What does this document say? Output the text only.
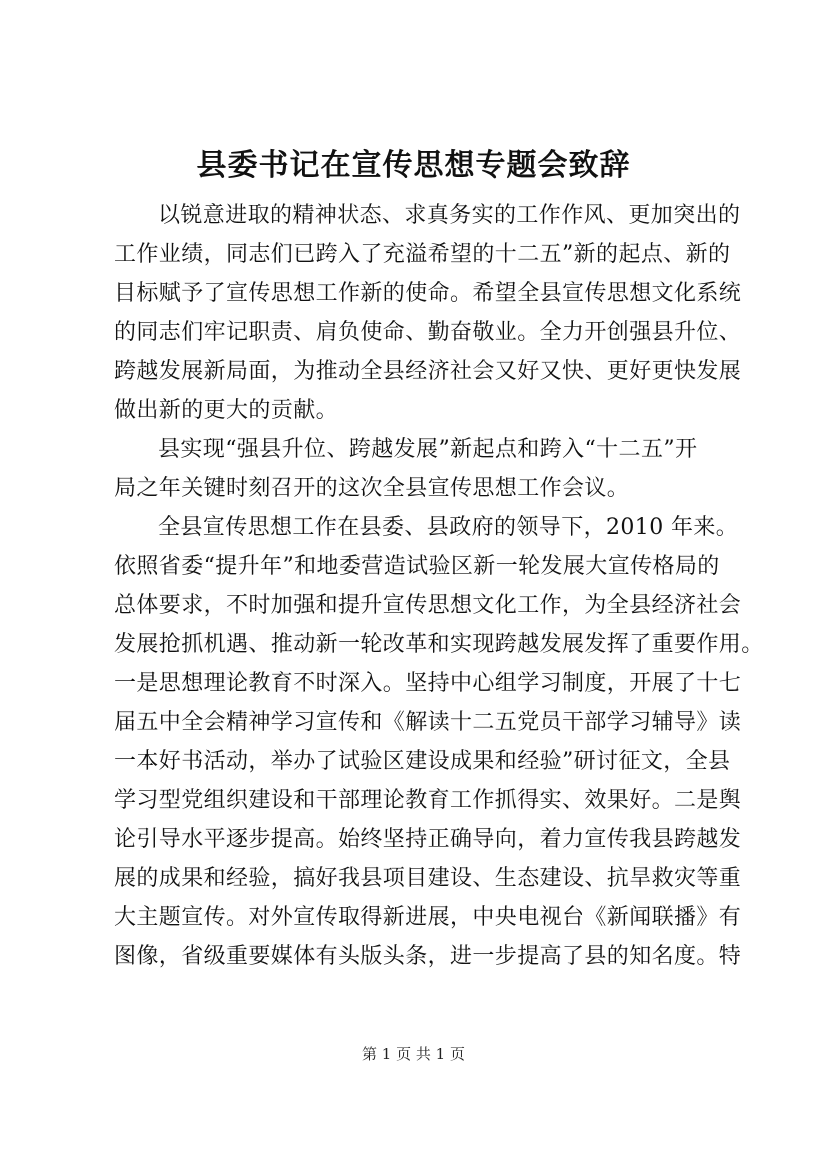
县委书记在宣传思想专题会致辞
以锐意进取的精神状态、求真务实的工作作风、更加突出的
工作业绩，同志们已跨入了充溢希望的十二五”新的起点、新的
目标赋予了宣传思想工作新的使命。希望全县宣传思想文化系统
的同志们牢记职责、肩负使命、勤奋敬业。全力开创强县升位、
跨越发展新局面，为推动全县经济社会又好又快、更好更快发展
做出新的更大的贡献。
县实现“强县升位、跨越发展”新起点和跨入“十二五”开
局之年关键时刻召开的这次全县宣传思想工作会议。
全县宣传思想工作在县委、县政府的领导下，2010 年来。
依照省委“提升年”和地委营造试验区新一轮发展大宣传格局的
总体要求，不时加强和提升宣传思想文化工作，为全县经济社会
发展抢抓机遇、推动新一轮改革和实现跨越发展发挥了重要作用。
一是思想理论教育不时深入。坚持中心组学习制度，开展了十七
届五中全会精神学习宣传和《解读十二五党员干部学习辅导》读
一本好书活动，举办了试验区建设成果和经验”研讨征文，全县
学习型党组织建设和干部理论教育工作抓得实、效果好。二是舆
论引导水平逐步提高。始终坚持正确导向，着力宣传我县跨越发
展的成果和经验，搞好我县项目建设、生态建设、抗旱救灾等重
大主题宣传。对外宣传取得新进展，中央电视台《新闻联播》有
图像，省级重要媒体有头版头条，进一步提高了县的知名度。特
第 1 页 共 1 页
